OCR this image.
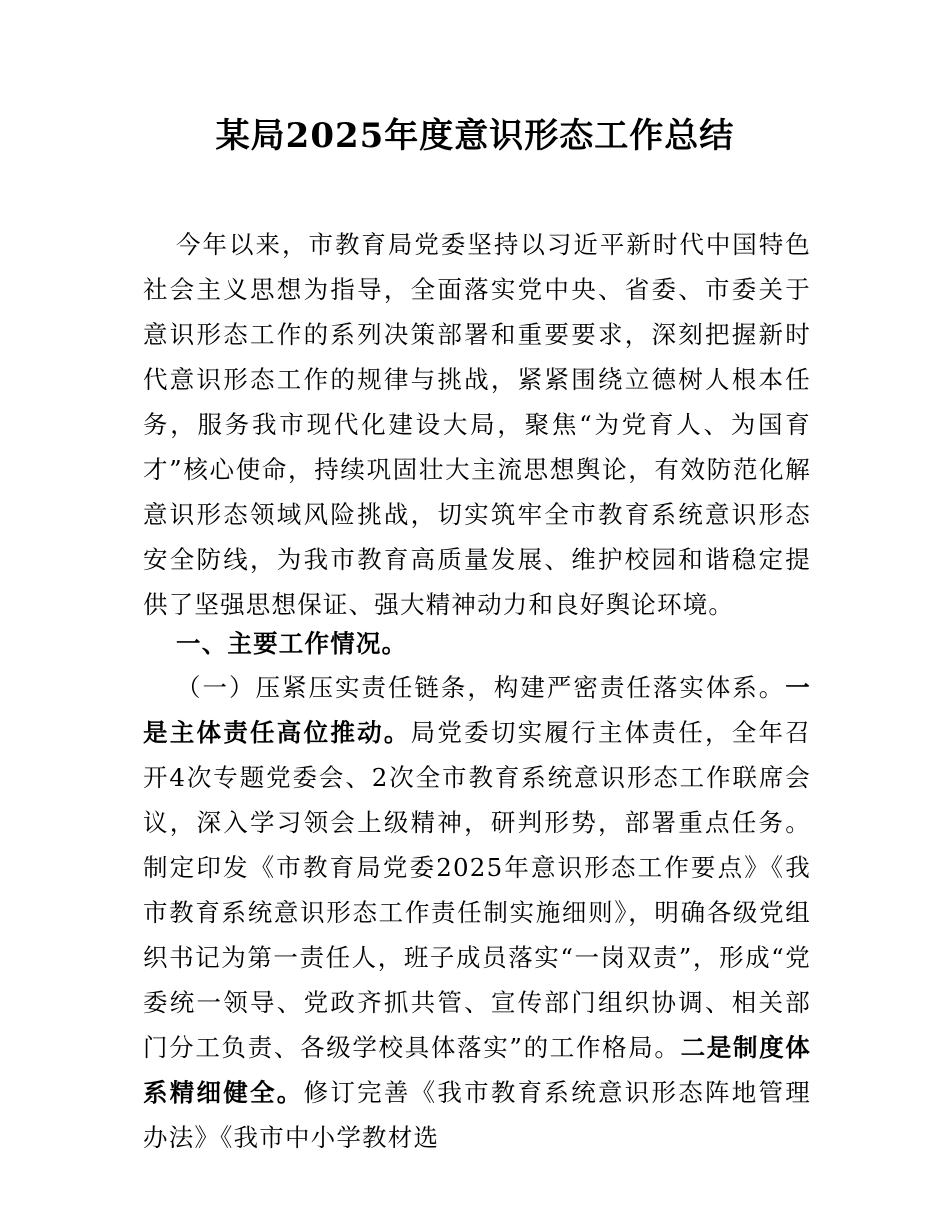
某局2025年度意识形态工作总结

今年以来，市教育局党委坚持以习近平新时代中国特色社会主义思想为指导，全面落实党中央、省委、市委关于意识形态工作的系列决策部署和重要要求，深刻把握新时代意识形态工作的规律与挑战，紧紧围绕立德树人根本任务，服务我市现代化建设大局，聚焦“为党育人、为国育才”核心使命，持续巩固壮大主流思想舆论，有效防范化解意识形态领域风险挑战，切实筑牢全市教育系统意识形态安全防线，为我市教育高质量发展、维护校园和谐稳定提供了坚强思想保证、强大精神动力和良好舆论环境。

一、主要工作情况。

（一）压紧压实责任链条，构建严密责任落实体系。一是主体责任高位推动。局党委切实履行主体责任，全年召开4次专题党委会、2次全市教育系统意识形态工作联席会议，深入学习领会上级精神，研判形势，部署重点任务。制定印发《市教育局党委2025年意识形态工作要点》《我市教育系统意识形态工作责任制实施细则》，明确各级党组织书记为第一责任人，班子成员落实“一岗双责”，形成“党委统一领导、党政齐抓共管、宣传部门组织协调、相关部门分工负责、各级学校具体落实”的工作格局。二是制度体系精细健全。修订完善《我市教育系统意识形态阵地管理办法》《我市中小学教材选
